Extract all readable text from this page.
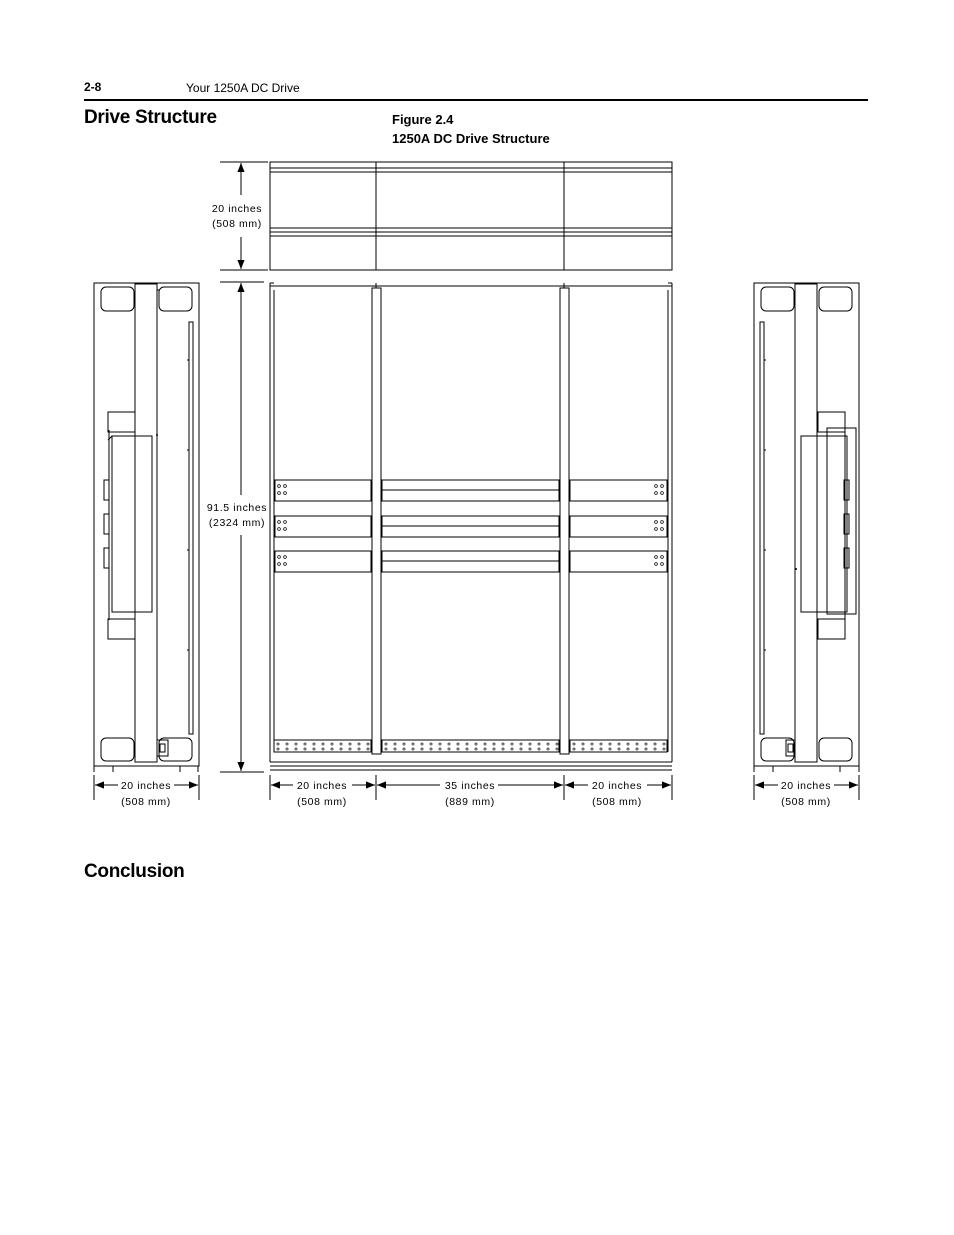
2-8	Your 1250A DC Drive
Drive Structure	Figure 2.4
1250A DC Drive Structure
20 inches
(508 mm)
91.5 inches
(2324 mm)
20 inches
(508 mm)
35 inches
(889 mm)
20 inches
(508 mm)
20 inches
(508 mm)
20 inches
(508 mm)
Conclusion
